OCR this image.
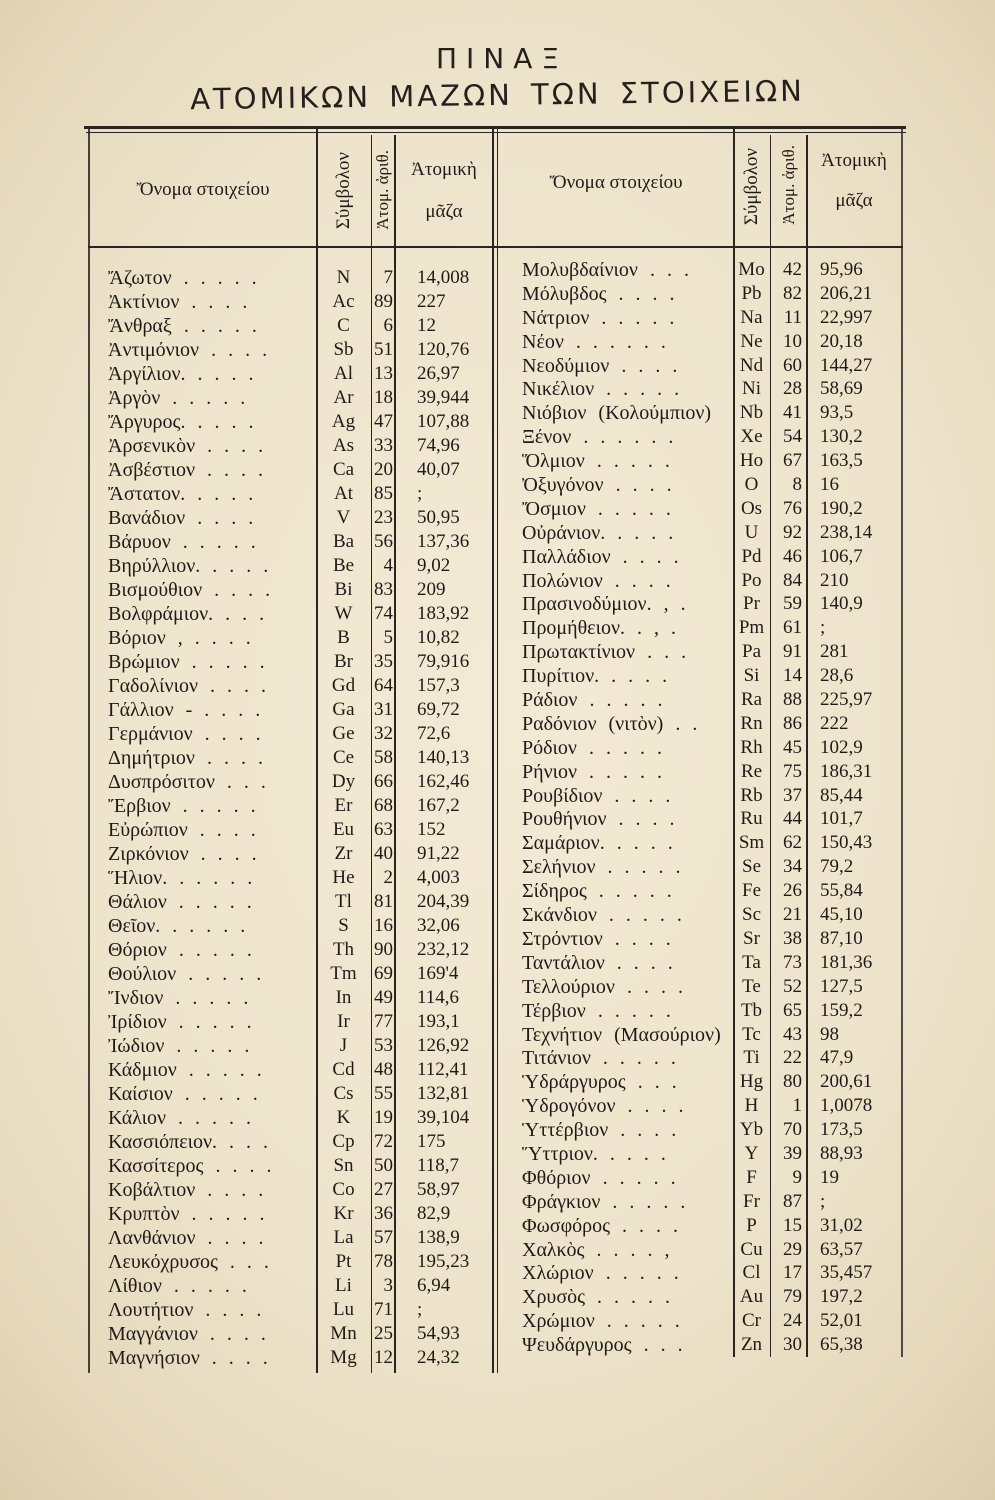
ΠΙΝΑΞ
ΑΤΟΜΙΚΩΝ ΜΑΖΩΝ ΤΩΝ ΣΤΟΙΧΕΙΩΝ
Ὄνομα στοιχείου	Σύμβολον Ἀτομ. ἀριθ.	Ἀτομικὴ
μᾶζα
Ὄνομα στοιχείου	Σύμβολον Ἀτομ. ἀριθ.	Ἀτομικὴ
μᾶζα
Ἄζωτον . . . . .	N	7	14,008
Ἀκτίνιον . . . .	Ac	89	227
Ἄνθραξ . . . . .	C	6	12
Ἀντιμόνιον . . . .	Sb	51	120,76
Ἀργίλιον. . . . .	Al	13	26,97
Ἀργὸν . . . . .	Ar	18	39,944
Ἄργυρος. . . . .	Ag 47	107,88
Ἀρσενικὸν . . . .	As	33	74,96
Ἀσβέστιον . . . .	Ca	20	40,07
Ἄστατον. . . . .	At	85	;
Βανάδιον . . . .	V	23	50,95
Βάρυον . . . . .	Ba	56	137,36
Βηρύλλιον. . . . .	Be	4	9,02
Βισμούθιον . . . .	Bi	83	209
Βολφράμιον. . . .	W	74	183,92
Βόριον , . . . .	B	5	10,82
Βρώμιον . . . . .	Br	35	79,916
Γαδολίνιον . . . .	Gd 64	157,3
Γάλλιον - . . . .	Ga	31	69,72
Γερμάνιον . . . .	Ge	32	72,6
Δημήτριον . . . .	Ce	58	140,13
Δυσπρόσιτον . . .	Dy 66	162,46
Ἔρβιον . . . . .	Er	68	167,2
Εὐρώπιον . . . .	Eu	63	152
Ζιρκόνιον . . . .	Zr	40	91,22
Ἥλιον. . . . . .	He	2	4,003
Θάλιον . . . . .	Tl	81	204,39
Θεῖον. . . . . .	S	16	32,06
Θόριον . . . . .	Th	90	232,12
Θούλιον . . . . .	Tm 69	169'4
Ἴνδιον . . . . .	In	49	114,6
Ἰρίδιον . . . . .	Ir	77	193,1
Ἰώδιον . . . . .	J	53	126,92
Κάδμιον . . . . .	Cd	48	112,41
Καίσιον . . . . .	Cs	55	132,81
Κάλιον . . . . .	K	19	39,104
Κασσιόπειον. . . .	Cp	72	175
Κασσίτερος . . . .	Sn	50	118,7
Κοβάλτιον . . . .	Co	27	58,97
Κρυπτὸν . . . . .	Kr	36	82,9
Λανθάνιον . . . .	La	57	138,9
Λευκόχρυσος . . .	Pt	78	195,23
Λίθιον . . . . .	Li	3	6,94
Λουτήτιον . . . .	Lu	71	;
Μαγγάνιον . . . .	Mn 25	54,93
Μαγνήσιον . . . .	Mg 12	24,32
Μολυβδαίνιον . . .	Mo 42 95,96
Μόλυβδος . . . .	Pb	82 206,21
Νάτριον . . . . .	Na	11 22,997
Νέον . . . . . .	Ne	10 20,18
Νεοδύμιον . . . .	Nd	60 144,27
Νικέλιον . . . . .	Ni	28 58,69
Νιόβιον (Κολούμπιον)	Nb	41 93,5
Ξένον . . . . . .	Xe	54 130,2
Ὅλμιον . . . . .	Ho	67 163,5
Ὀξυγόνον . . . .	O	8 16
Ὄσμιον . . . . .	Os	76 190,2
Οὐράνιον. . . . .	U	92 238,14
Παλλάδιον . . . .	Pd	46 106,7
Πολώνιον . . . .	Po	84 210
Πρασινοδύμιον. , .	Pr	59 140,9
Προμήθειον. . , .	Pm 61 ;
Πρωτακτίνιον . . .	Pa	91 281
Πυρίτιον. . . . .	Si	14 28,6
Ράδιον . . . . .	Ra	88 225,97
Ραδόνιον (νιτὸν) . .	Rn	86 222
Ρόδιον . . . . .	Rh	45 102,9
Ρήνιον . . . . .	Re	75 186,31
Ρουβίδιον . . . .	Rb	37 85,44
Ρουθήνιον . . . .	Ru	44 101,7
Σαμάριον. . . . .	Sm 62 150,43
Σελήνιον . . . . .	Se	34 79,2
Σίδηρος . . . . .	Fe	26 55,84
Σκάνδιον . . . . .	Sc	21 45,10
Στρόντιον . . . .	Sr	38 87,10
Ταντάλιον . . . .	Ta	73 181,36
Τελλούριον . . . .	Te	52 127,5
Τέρβιον . . . . .	Tb	65 159,2
Τεχνήτιον (Μασούριον)	Tc	43 98
Τιτάνιον . . . . .	Ti	22 47,9
Ὑδράργυρος . . .	Hg	80 200,61
Ὑδρογόνον . . . .	H	1 1,0078
Ὑττέρβιον . . . .	Yb	70 173,5
Ὕττριον. . . . .	Y	39 88,93
Φθόριον . . . . .	F	9 19
Φράγκιον . . . . .	Fr	87 ;
Φωσφόρος . . . .	P	15 31,02
Χαλκὸς . . . . ,	Cu	29 63,57
Χλώριον . . . . .	Cl	17 35,457
Χρυσὸς . . . . .	Au	79 197,2
Χρώμιον . . . . .	Cr	24 52,01
Ψευδάργυρος . . .	Zn	30 65,38
